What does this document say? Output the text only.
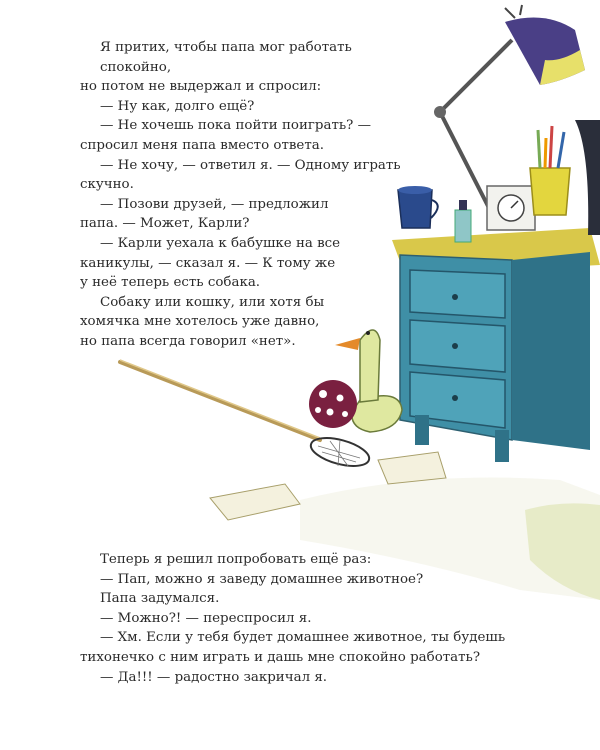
Я притих, чтобы папа мог работать спокойно,

но потом не выдержал и спросил:

— Ну как, долго ещё?

— Не хочешь пока пойти поиграть? —

спросил меня папа вместо ответа.

— Не хочу, — ответил я. — Одному играть

скучно.

— Позови друзей, — предложил

папа. — Может, Карли?

— Карли уехала к бабушке на все

каникулы, — сказал я. — К тому же

у неё теперь есть собака.

Собаку или кошку, или хотя бы

хомячка мне хотелось уже давно,

но папа всегда говорил «нет».

Теперь я решил попробовать ещё раз:

— Пап, можно я заведу домашнее животное?

Папа задумался.

— Можно?! — переспросил я.

— Хм. Если у тебя будет домашнее животное, ты будешь

тихонечко с ним играть и дашь мне спокойно работать?

— Да!!! — радостно закричал я.
